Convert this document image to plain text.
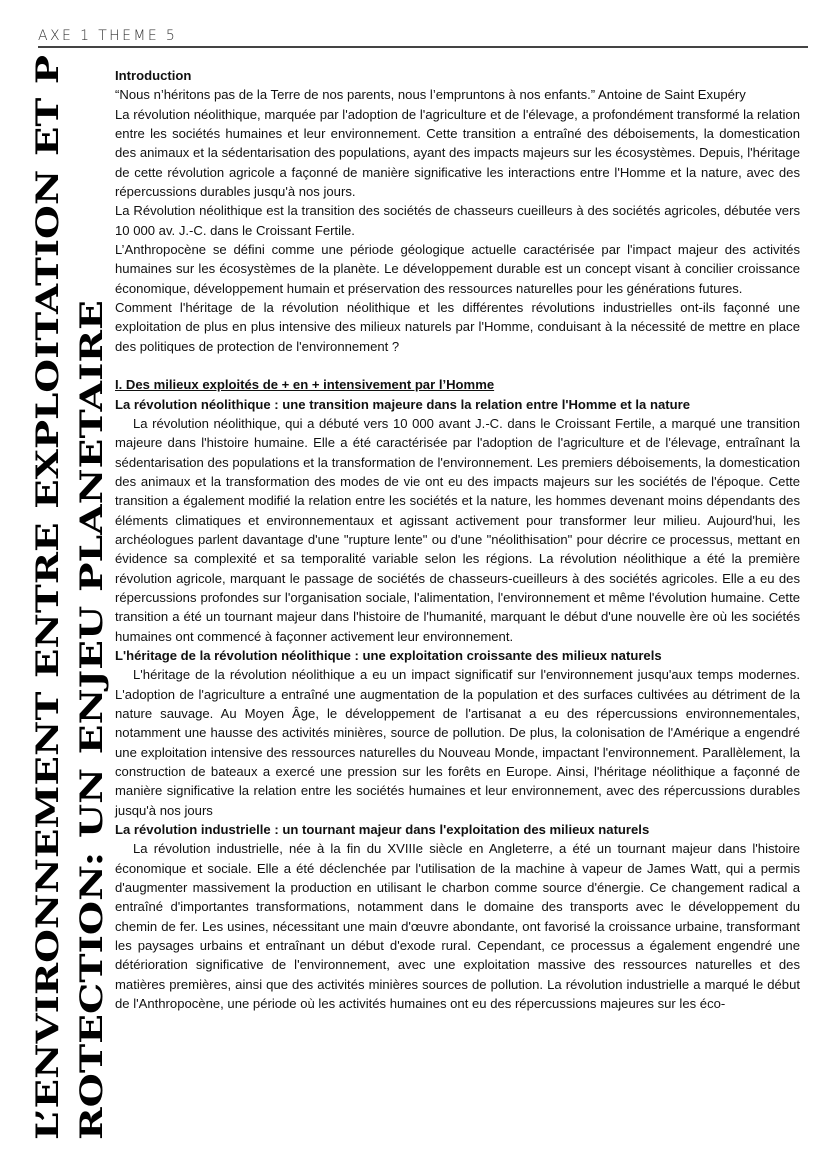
AXE 1 THEME 5
L’ENVIRONNEMENT ENTRE EXPLOITATION ET P ROTECTION: UN ENJEU PLANETAIRE

Introduction

“Nous n’héritons pas de la Terre de nos parents, nous l’empruntons à nos enfants.” Antoine de Saint Exupéry

La révolution néolithique, marquée par l'adoption de l'agriculture et de l'élevage, a profondément transformé la relation entre les sociétés humaines et leur environnement. Cette transition a entraîné des déboisements, la domestication des animaux et la sédentarisation des populations, ayant des impacts majeurs sur les écosystèmes. Depuis, l'héritage de cette révolution agricole a façonné de manière significative les interactions entre l'Homme et la nature, avec des répercussions durables jusqu'à nos jours.

La Révolution néolithique est la transition des sociétés de chasseurs cueilleurs à des sociétés agricoles, débutée vers 10 000 av. J.-C. dans le Croissant Fertile.

L’Anthropocène se défini comme une période géologique actuelle caractérisée par l'impact majeur des activités humaines sur les écosystèmes de la planète. Le développement durable est un concept visant à concilier croissance économique, développement humain et préservation des ressources naturelles pour les générations futures.

Comment l'héritage de la révolution néolithique et les différentes révolutions industrielles ont-ils façonné une exploitation de plus en plus intensive des milieux naturels par l'Homme, conduisant à la nécessité de mettre en place des politiques de protection de l'environnement ?

I. Des milieux exploités de + en + intensivement par l’Homme

La révolution néolithique : une transition majeure dans la relation entre l'Homme et la nature

La révolution néolithique, qui a débuté vers 10 000 avant J.-C. dans le Croissant Fertile, a marqué une transition majeure dans l'histoire humaine. Elle a été caractérisée par l'adoption de l'agriculture et de l'élevage, entraînant la sédentarisation des populations et la transformation de l'environnement. Les premiers déboisements, la domestication des animaux et la transformation des modes de vie ont eu des impacts majeurs sur les sociétés de l'époque. Cette transition a également modifié la relation entre les sociétés et la nature, les hommes devenant moins dépendants des éléments climatiques et environnementaux et agissant activement pour transformer leur milieu. Aujourd'hui, les archéologues parlent davantage d'une "rupture lente" ou d'une "néolithisation" pour décrire ce processus, mettant en évidence sa complexité et sa temporalité variable selon les régions. La révolution néolithique a été la première révolution agricole, marquant le passage de sociétés de chasseurs-cueilleurs à des sociétés agricoles. Elle a eu des répercussions profondes sur l'organisation sociale, l'alimentation, l'environnement et même l'évolution humaine. Cette transition a été un tournant majeur dans l'histoire de l'humanité, marquant le début d'une nouvelle ère où les sociétés humaines ont commencé à façonner activement leur environnement.

L'héritage de la révolution néolithique : une exploitation croissante des milieux naturels

L'héritage de la révolution néolithique a eu un impact significatif sur l'environnement jusqu'aux temps modernes. L'adoption de l'agriculture a entraîné une augmentation de la population et des surfaces cultivées au détriment de la nature sauvage. Au Moyen Âge, le développement de l'artisanat a eu des répercussions environnementales, notamment une hausse des activités minières, source de pollution. De plus, la colonisation de l'Amérique a engendré une exploitation intensive des ressources naturelles du Nouveau Monde, impactant l'environnement. Parallèlement, la construction de bateaux a exercé une pression sur les forêts en Europe. Ainsi, l'héritage néolithique a façonné de manière significative la relation entre les sociétés humaines et leur environnement, avec des répercussions durables jusqu'à nos jours

La révolution industrielle : un tournant majeur dans l'exploitation des milieux naturels

La révolution industrielle, née à la fin du XVIIIe siècle en Angleterre, a été un tournant majeur dans l'histoire économique et sociale. Elle a été déclenchée par l'utilisation de la machine à vapeur de James Watt, qui a permis d'augmenter massivement la production en utilisant le charbon comme source d'énergie. Ce changement radical a entraîné d'importantes transformations, notamment dans le domaine des transports avec le développement du chemin de fer. Les usines, nécessitant une main d'œuvre abondante, ont favorisé la croissance urbaine, transformant les paysages urbains et entraînant un début d'exode rural. Cependant, ce processus a également engendré une détérioration significative de l'environnement, avec une exploitation massive des ressources naturelles et des matières premières, ainsi que des activités minières sources de pollution. La révolution industrielle a marqué le début de l'Anthropocène, une période où les activités humaines ont eu des répercussions majeures sur les éco-
